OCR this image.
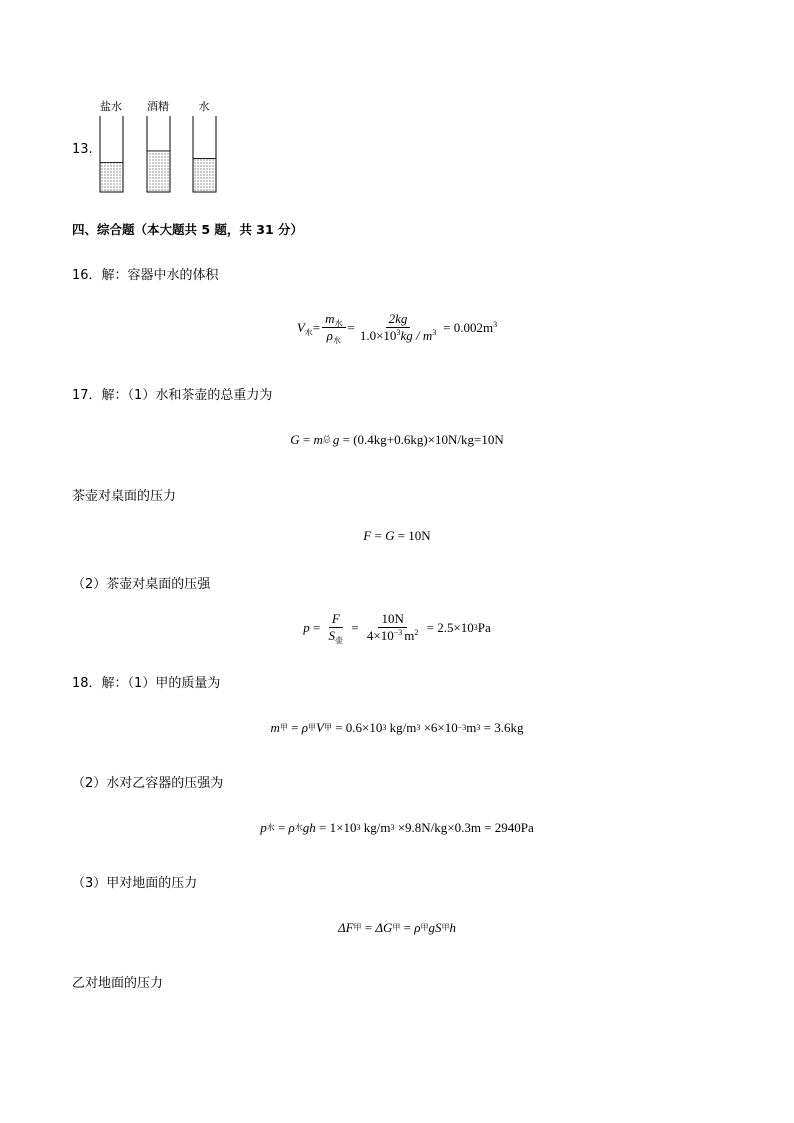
13.
盐水 酒精	水
四、综合题（本大题共 5 题，共 31 分）
16．解：容器中水的体积
$V_水 = \frac{m_水}{\rho_水} = \frac{2kg}{1.0\times 10^3kg / m^3} = 0.002m^3$
17．解：（1）水和茶壶的总重力为
G = m 总 g = (0.4kg+0.6kg)×10N/kg=10N
茶壶对桌面的压力
F = G = 10N
（2）茶壶对桌面的压强
$p = \frac{F}{S_壶} = \frac{10N}{4\times 10^{-3} m^2} = 2.5\times 10$ 3 Pa
18．解：（1）甲的质量为
m 甲 = ρ 甲 V 甲 = 0.6×10 3 kg/m 3 ×6×10 −3 m 3 = 3.6kg
（2）水对乙容器的压强为
p 水 = ρ 水 gh = 1×10 3 kg/m 3 ×9.8N/kg×0.3m = 2940Pa
（3）甲对地面的压力
ΔF 甲 = ΔG 甲 = ρ 甲 gS 甲 h
乙对地面的压力
